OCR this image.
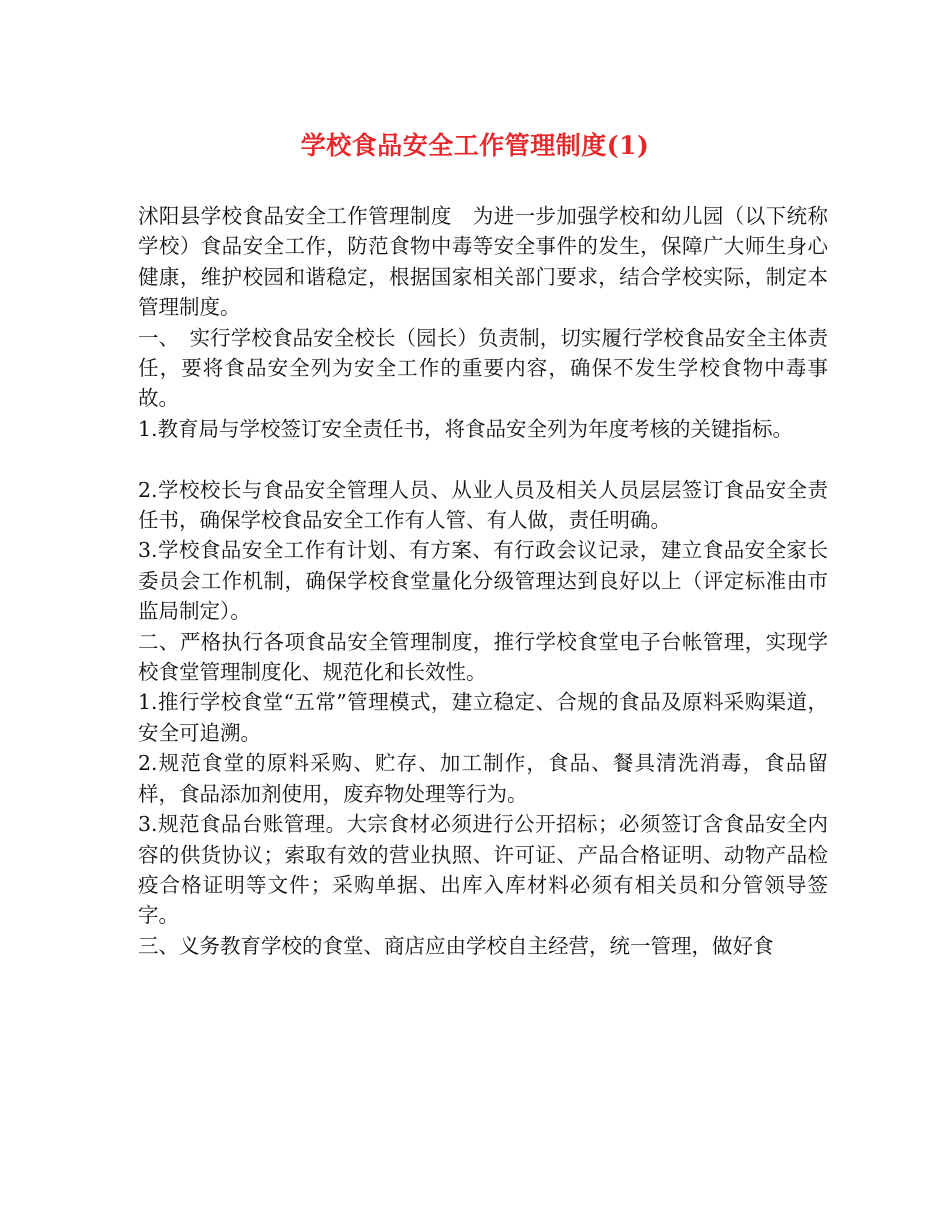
学校食品安全工作管理制度(1)

沭阳县学校食品安全工作管理制度　为进一步加强学校和幼儿园（以下统称学校）食品安全工作，防范食物中毒等安全事件的发生，保障广大师生身心健康，维护校园和谐稳定，根据国家相关部门要求，结合学校实际，制定本管理制度。

一、　实行学校食品安全校长（园长）负责制，切实履行学校食品安全主体责任，要将食品安全列为安全工作的重要内容，确保不发生学校食物中毒事故。

1.教育局与学校签订安全责任书，将食品安全列为年度考核的关键指标。

2.学校校长与食品安全管理人员、从业人员及相关人员层层签订食品安全责任书，确保学校食品安全工作有人管、有人做，责任明确。

3.学校食品安全工作有计划、有方案、有行政会议记录，建立食品安全家长委员会工作机制，确保学校食堂量化分级管理达到良好以上（评定标准由市监局制定）。

二、严格执行各项食品安全管理制度，推行学校食堂电子台帐管理，实现学校食堂管理制度化、规范化和长效性。

1.推行学校食堂“五常”管理模式，建立稳定、合规的食品及原料采购渠道，安全可追溯。

2.规范食堂的原料采购、贮存、加工制作，食品、餐具清洗消毒，食品留样，食品添加剂使用，废弃物处理等行为。

3.规范食品台账管理。大宗食材必须进行公开招标；必须签订含食品安全内容的供货协议；索取有效的营业执照、许可证、产品合格证明、动物产品检疫合格证明等文件；采购单据、出库入库材料必须有相关员和分管领导签字。

三、义务教育学校的食堂、商店应由学校自主经营，统一管理，做好食
